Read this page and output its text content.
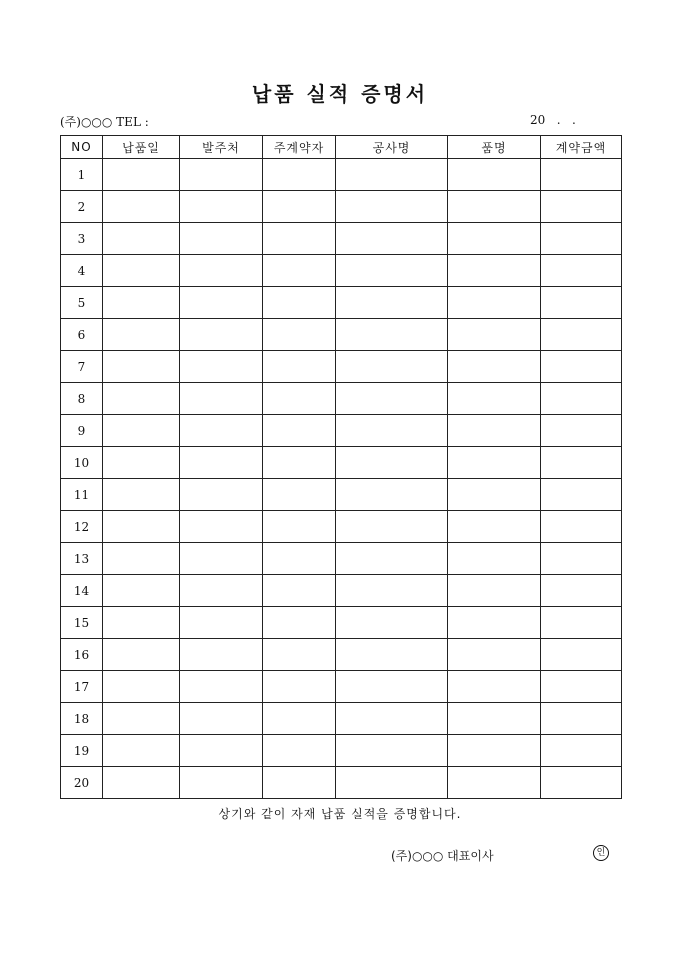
납품 실적 증명서
(주)○○○ TEL :	20   .   .
NO	납품일	발주처	주계약자	공사명	품명	계약금액
1						
2						
3						
4						
5						
6						
7						
8						
9						
10						
11						
12						
13						
14						
15						
16						
17						
18						
19						
20						
상기와 같이 자재 납품 실적을 증명합니다.
(주)○○○ 대표이사	인
